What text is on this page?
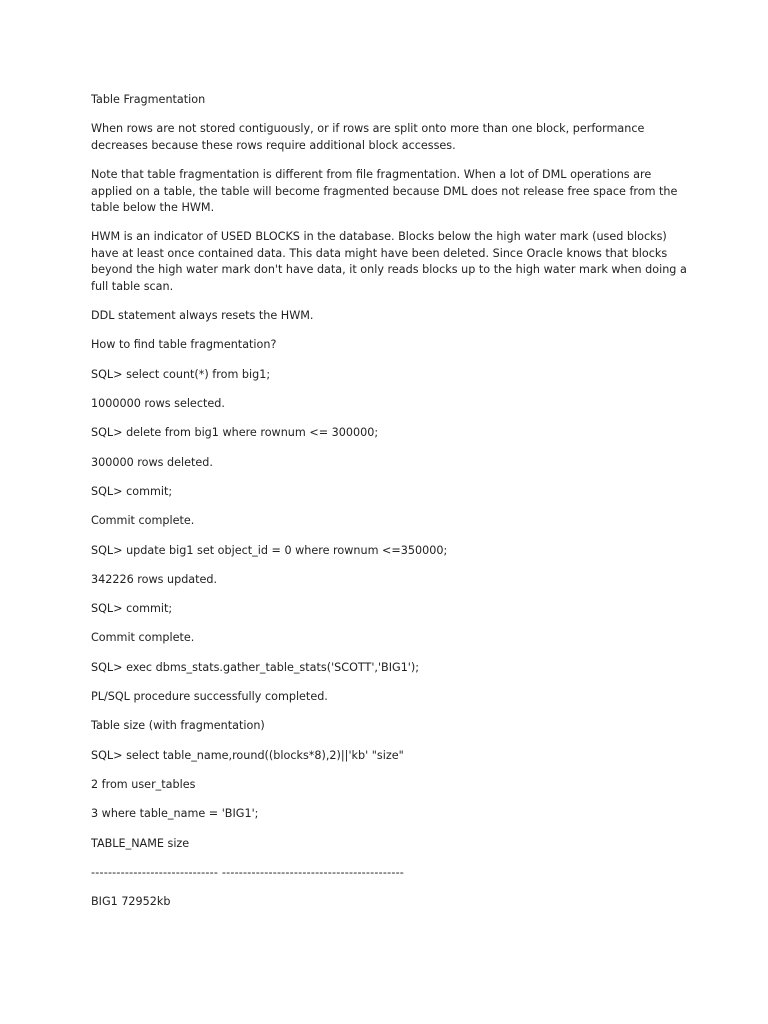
Table Fragmentation

When rows are not stored contiguously, or if rows are split onto more than one block, performance decreases because these rows require additional block accesses.

Note that table fragmentation is different from file fragmentation. When a lot of DML operations are applied on a table, the table will become fragmented because DML does not release free space from the table below the HWM.

HWM is an indicator of USED BLOCKS in the database. Blocks below the high water mark (used blocks) have at least once contained data. This data might have been deleted. Since Oracle knows that blocks beyond the high water mark don't have data, it only reads blocks up to the high water mark when doing a full table scan.

DDL statement always resets the HWM.

How to find table fragmentation?

SQL> select count(*) from big1;

1000000 rows selected.

SQL> delete from big1 where rownum <= 300000;

300000 rows deleted.

SQL> commit;

Commit complete.

SQL> update big1 set object_id = 0 where rownum <=350000;

342226 rows updated.

SQL> commit;

Commit complete.

SQL> exec dbms_stats.gather_table_stats('SCOTT','BIG1');

PL/SQL procedure successfully completed.

Table size (with fragmentation)

SQL> select table_name,round((blocks*8),2)||'kb' "size"

2 from user_tables

3 where table_name = 'BIG1';

TABLE_NAME size

------------------------------ -------------------------------------------

BIG1 72952kb
